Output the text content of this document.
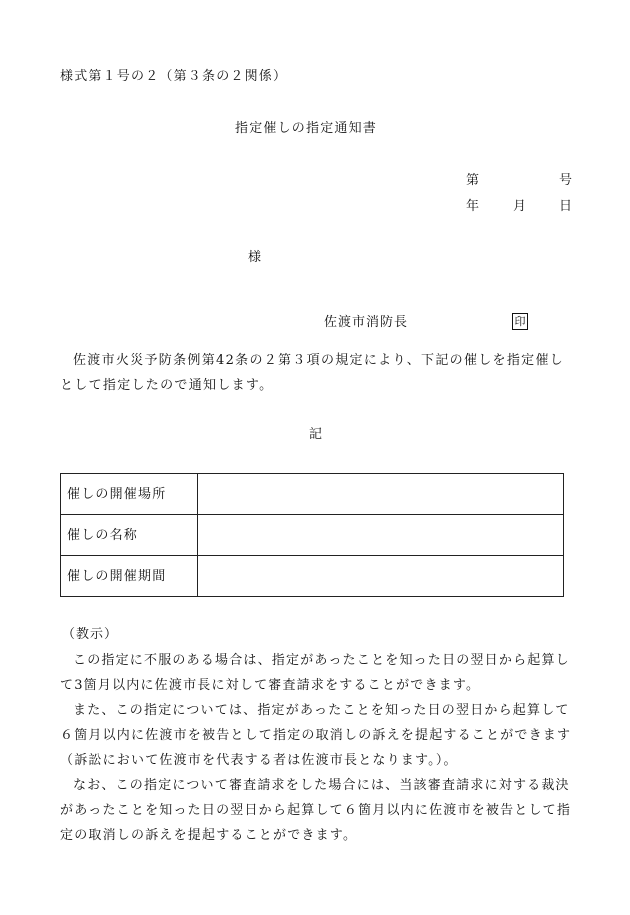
様式第１号の２（第３条の２関係）
指定催しの指定通知書
第	号
年	月	日
様
佐渡市消防長	印
佐渡市火災予防条例第42条の２第３項の規定により、下記の催しを指定催しとして指定したので通知します。
記
催しの開催場所	
催しの名称	
催しの開催期間	
（教示）
この指定に不服のある場合は、指定があったことを知った日の翌日から起算して3箇月以内に佐渡市長に対して審査請求をすることができます。
また、この指定については、指定があったことを知った日の翌日から起算して６箇月以内に佐渡市を被告として指定の取消しの訴えを提起することができます（訴訟において佐渡市を代表する者は佐渡市長となります。）。
なお、この指定について審査請求をした場合には、当該審査請求に対する裁決があったことを知った日の翌日から起算して６箇月以内に佐渡市を被告として指定の取消しの訴えを提起することができます。
